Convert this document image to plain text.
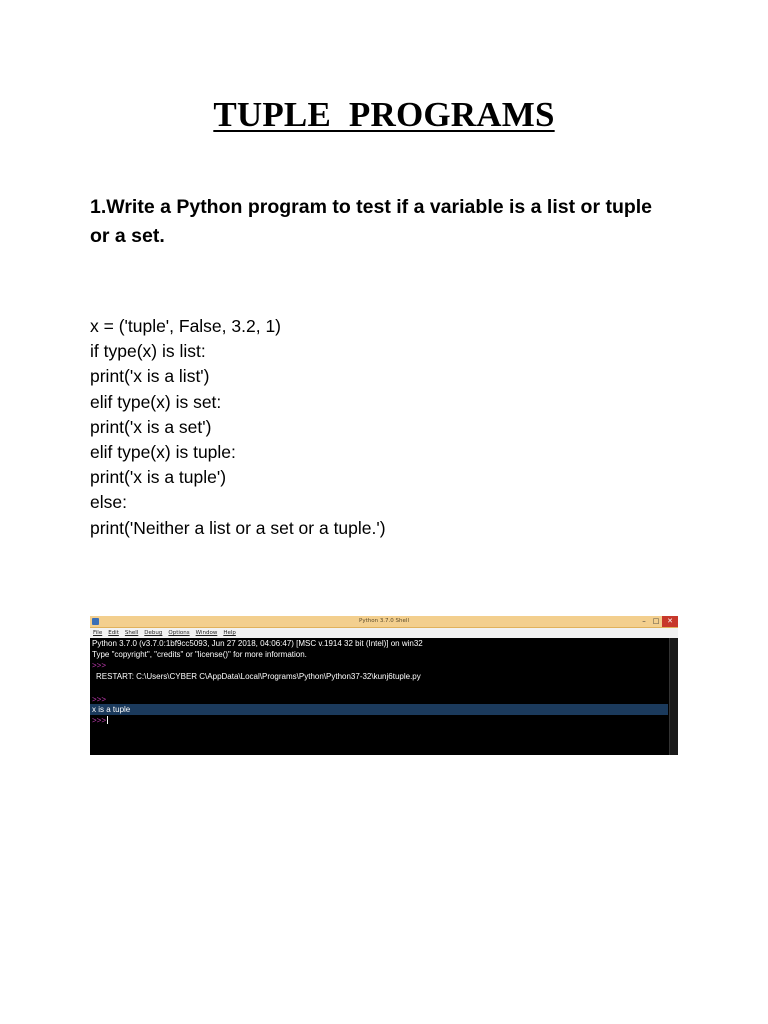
TUPLE  PROGRAMS
1.Write a Python program to test if a variable is a list or tuple
or a set.
x = ('tuple', False, 3.2, 1)
if type(x) is list:
print('x is a list')
elif type(x) is set:
print('x is a set')
elif type(x) is tuple:
print('x is a tuple')
else:
print('Neither a list or a set or a tuple.')
Python 3.7.0 Shell	– □	✕
File Edit Shell Debug Options Window Help
Python 3.7.0 (v3.7.0:1bf9cc5093, Jun 27 2018, 04:06:47) [MSC v.1914 32 bit (Intel)] on win32
Type "copyright", "credits" or "license()" for more information.
>>>
RESTART: C:\Users\CYBER C\AppData\Local\Programs\Python\Python37-32\kunj6tuple.py
>>>
x is a tuple
>>>
